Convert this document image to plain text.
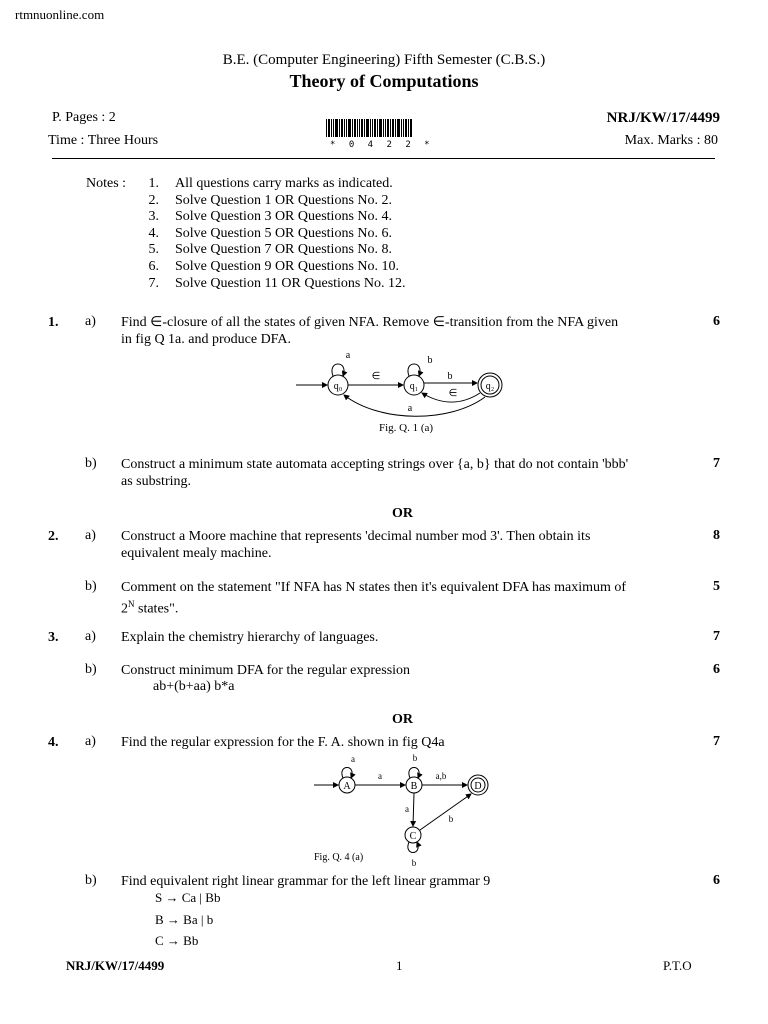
rtmnuonline.com
B.E. (Computer Engineering) Fifth Semester (C.B.S.)
Theory of Computations
P. Pages : 2
Time : Three Hours
NRJ/KW/17/4499
Max. Marks : 80
* 0 4 2 2 *
Notes :	1. All questions carry marks as indicated.
2. Solve Question 1 OR Questions No. 2.
3. Solve Question 3 OR Questions No. 4.
4. Solve Question 5 OR Questions No. 6.
5. Solve Question 7 OR Questions No. 8.
6. Solve Question 9 OR Questions No. 10.
7. Solve Question 11 OR Questions No. 12.
1. a) Find ∈-closure of all the states of given NFA. Remove ∈-transition from the NFA given
in fig Q 1a. and produce DFA.
6
q₀	q₁	q₂
a	b
∈	b
∈
a
Fig. Q. 1 (a)
b) Construct a minimum state automata accepting strings over {a, b} that do not contain 'bbb'
as substring.
7
OR
2. a) Construct a Moore machine that represents 'decimal number mod 3'. Then obtain its
equivalent mealy machine.
8
b) Comment on the statement "If NFA has N states then it's equivalent DFA has maximum of
$2^N$ states".
5
3. a) Explain the chemistry hierarchy of languages.	7
b) Construct minimum DFA for the regular expression
ab+(b+aa) b*a
6
OR
4. a) Find the regular expression for the F. A. shown in fig Q4a	7
A	B
C
D
a	b
a	a,b
a
b
b
Fig. Q. 4 (a)
b) Find equivalent right linear grammar for the left linear grammar 9	6
S → Ca | Bb
B → Ba | b
C → Bb
NRJ/KW/17/4499	1	P.T.O
